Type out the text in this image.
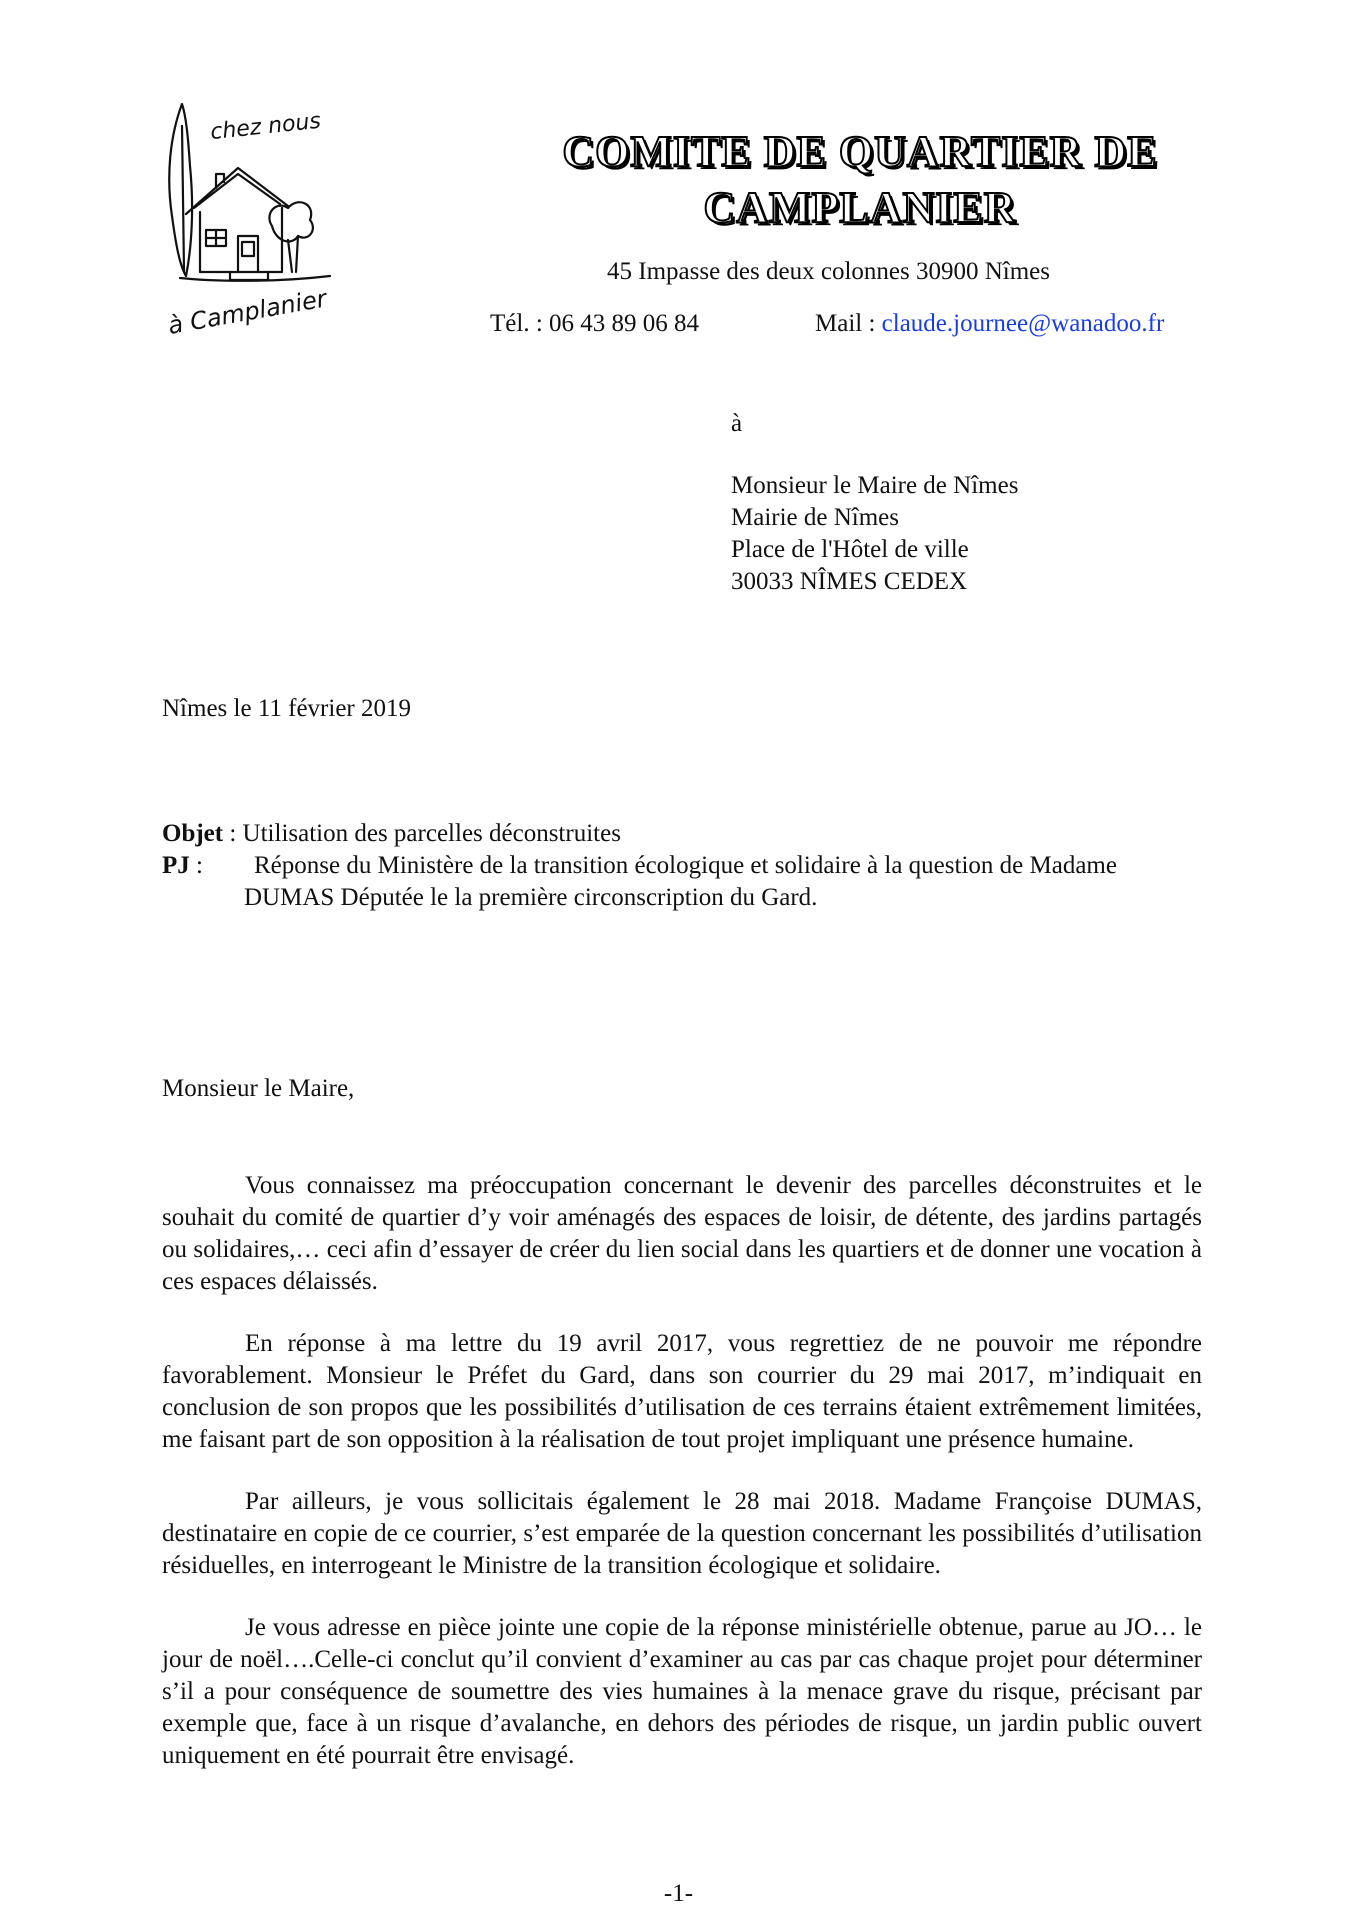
chez nous
à Camplanier
COMITE DE QUARTIER DE
CAMPLANIER
45 Impasse des deux colonnes 30900 Nîmes
Tél. : 06 43 89 06 84	Mail : claude.journee@wanadoo.fr
à
Monsieur le Maire de Nîmes
Mairie de Nîmes
Place de l'Hôtel de ville
30033 NÎMES CEDEX
Nîmes le 11 février 2019
Objet : Utilisation des parcelles déconstruites
PJ : Réponse du Ministère de la transition écologique et solidaire à la question de Madame
DUMAS Députée le la première circonscription du Gard.
Monsieur le Maire,

Vous connaissez ma préoccupation concernant le devenir des parcelles déconstruites et le souhait du comité de quartier d’y voir aménagés des espaces de loisir, de détente, des jardins partagés ou solidaires,… ceci afin d’essayer de créer du lien social dans les quartiers et de donner une vocation à ces espaces délaissés.

En réponse à ma lettre du 19 avril 2017, vous regrettiez de ne pouvoir me répondre favorablement. Monsieur le Préfet du Gard, dans son courrier du 29 mai 2017, m’indiquait en conclusion de son propos que les possibilités d’utilisation de ces terrains étaient extrêmement limitées, me faisant part de son opposition à la réalisation de tout projet impliquant une présence humaine.

Par ailleurs, je vous sollicitais également le 28 mai 2018. Madame Françoise DUMAS, destinataire en copie de ce courrier, s’est emparée de la question concernant les possibilités d’utilisation résiduelles, en interrogeant le Ministre de la transition écologique et solidaire.

Je vous adresse en pièce jointe une copie de la réponse ministérielle obtenue, parue au JO… le jour de noël….Celle-ci conclut qu’il convient d’examiner au cas par cas chaque projet pour déterminer s’il a pour conséquence de soumettre des vies humaines à la menace grave du risque, précisant par exemple que, face à un risque d’avalanche, en dehors des périodes de risque, un jardin public ouvert uniquement en été pourrait être envisagé.

-1-
